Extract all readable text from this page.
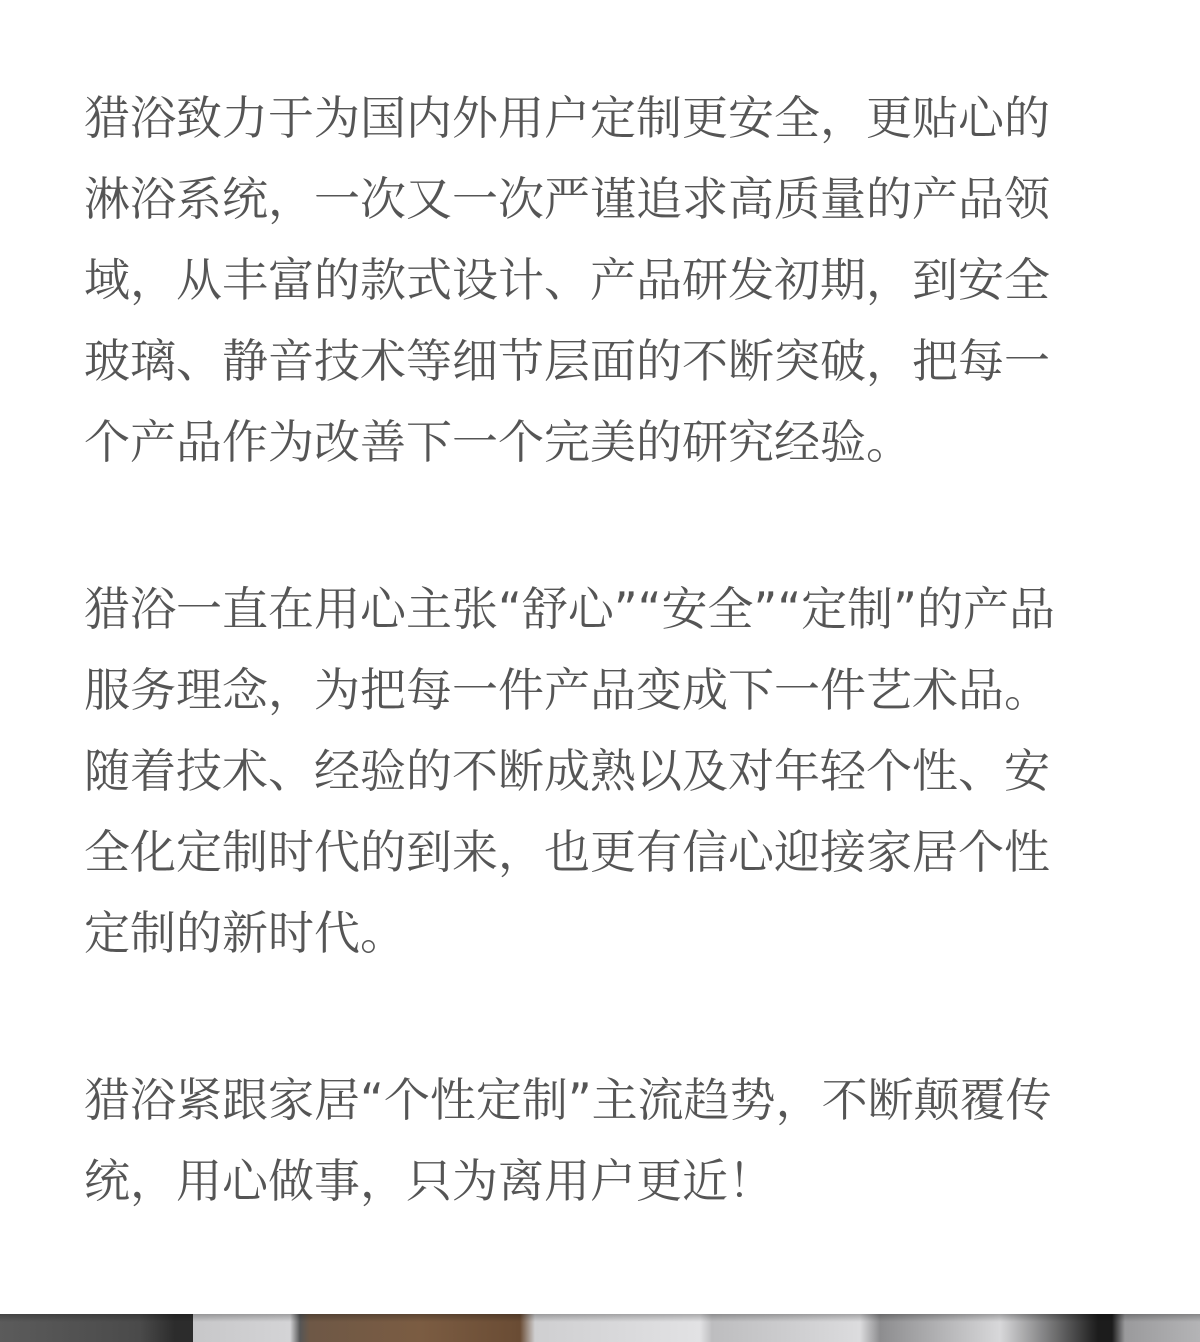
猎浴致力于为国内外用户定制更安全，更贴心的
淋浴系统，一次又一次严谨追求高质量的产品领
域，从丰富的款式设计、产品研发初期，到安全
玻璃、静音技术等细节层面的不断突破，把每一
个产品作为改善下一个完美的研究经验。
猎浴一直在用心主张“舒心”“安全”“定制”的产品
服务理念，为把每一件产品变成下一件艺术品。
随着技术、经验的不断成熟以及对年轻个性、安
全化定制时代的到来，也更有信心迎接家居个性
定制的新时代。
猎浴紧跟家居“个性定制”主流趋势，不断颠覆传
统，用心做事，只为离用户更近！
